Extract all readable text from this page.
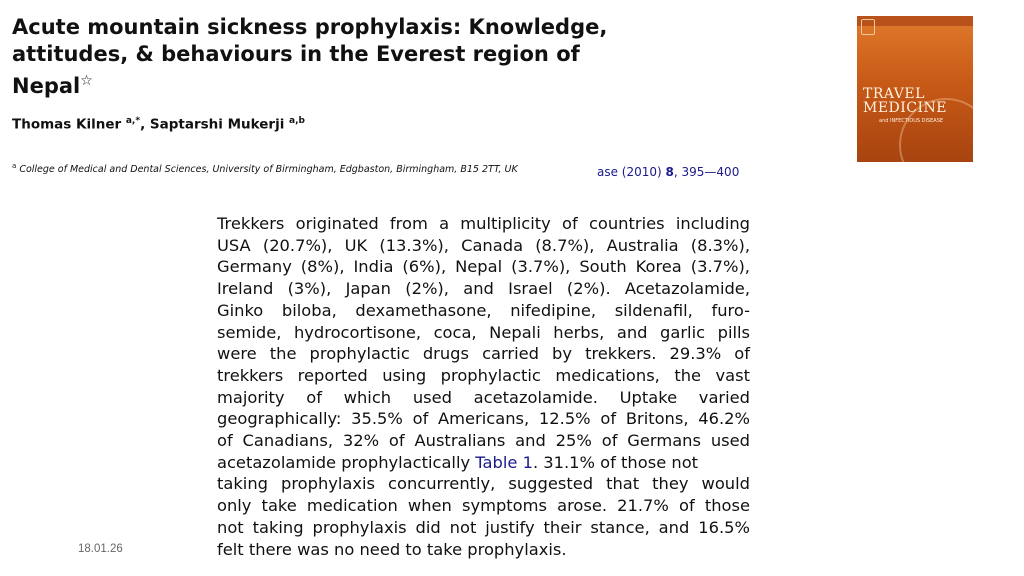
Acute mountain sickness prophylaxis: Knowledge,
attitudes, & behaviours in the Everest region of
Nepal☆
Thomas Kilner $^{a,*}$, Saptarshi Mukerji $^{a,b}$
$^a$ College of Medical and Dental Sciences, University of Birmingham, Edgbaston, Birmingham, B15 2TT, UK	ase (2010) 8, 395—400
TRAVEL
MEDICINE
and INFECTIOUS DISEASE
Trekkers originated from a multiplicity of countries including
USA (20.7%), UK (13.3%), Canada (8.7%), Australia (8.3%),
Germany (8%), India (6%), Nepal (3.7%), South Korea (3.7%),
Ireland (3%), Japan (2%), and Israel (2%). Acetazolamide,
Ginko biloba, dexamethasone, nifedipine, sildenafil, furo-
semide, hydrocortisone, coca, Nepali herbs, and garlic pills
were the prophylactic drugs carried by trekkers. 29.3% of
trekkers reported using prophylactic medications, the vast
majority of which used acetazolamide. Uptake varied
geographically: 35.5% of Americans, 12.5% of Britons, 46.2%
of Canadians, 32% of Australians and 25% of Germans used
acetazolamide prophylactically Table 1. 31.1% of those not
taking prophylaxis concurrently, suggested that they would
only take medication when symptoms arose. 21.7% of those
not taking prophylaxis did not justify their stance, and 16.5%
felt there was no need to take prophylaxis.
18.01.26
